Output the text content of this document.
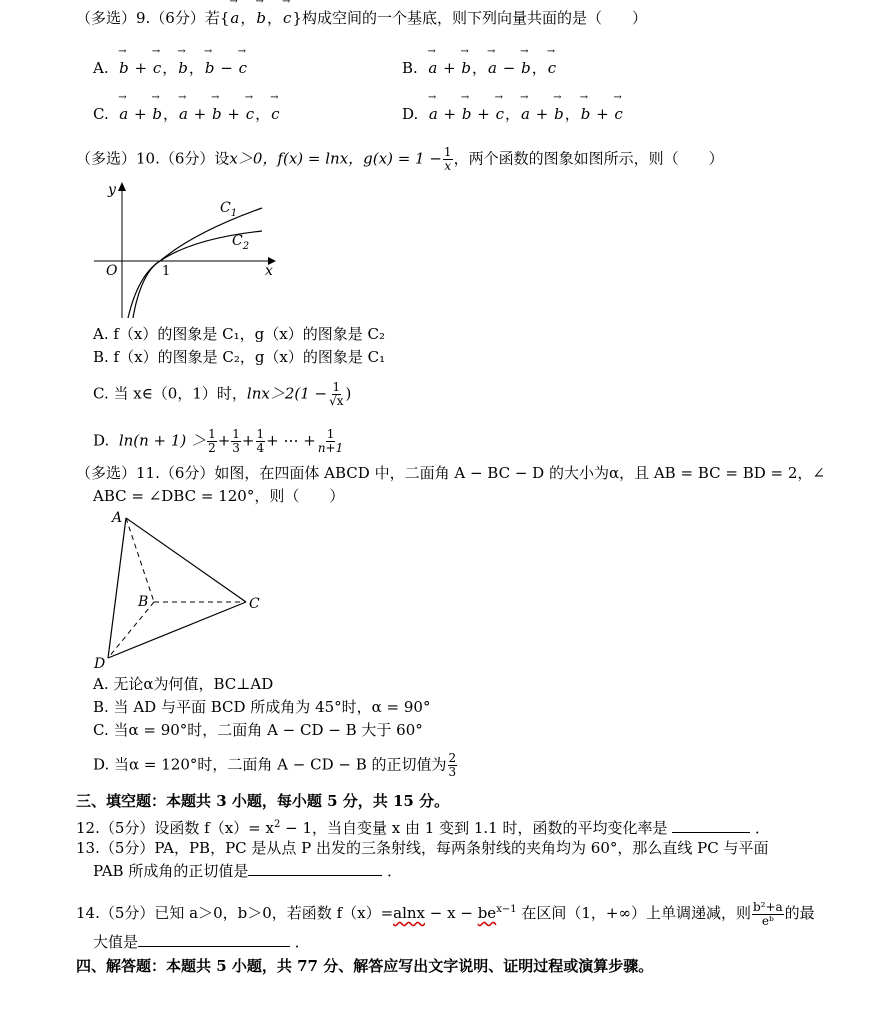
（多选）9.（6分）若{→ a，→ b，→ c}构成空间的一个基底，则下列向量共面的是（　　）
A. → b + → c，→ b，→ b − → c	B. → a + → b，→ a − → b，→ c
C. → a + → b，→ a + → b + → c，→ c	D. → a + → b + → c，→ a + → b，→ b + → c
（多选）10.（6分）设x＞0，f(x) = lnx，$g(x) = 1 - \frac{1}{x}$ ，两个函数的图象如图所示，则（　　）
y
x
O	1
$C_1$
$C_2$
A. f（x）的图象是 C₁，g（x）的图象是 C₂
B. f（x）的图象是 C₂，g（x）的图象是 C₁
C. 当 x∈（0，1）时，$\ln x>2(1 - \frac{1}{√x}$ )
D. $\ln(n + 1) > \frac{1}{2} + \frac{1}{3} + \frac{1}{4}$ + ⋯ + $\frac{1}{n+1}$
（多选）11.（6分）如图，在四面体 ABCD 中，二面角 A − BC − D 的大小为α，且 AB = BC = BD = 2，∠
ABC = ∠DBC = 120°，则（　　）
A
B	C
D
A. 无论α为何值，BC⊥AD
B. 当 AD 与平面 BCD 所成角为 45°时，α = 90°
C. 当α = 90°时，二面角 A − CD − B 大于 60°
D. 当α = 120°时，二面角 A − CD − B 的正切值为 $\frac{2}{3}$
三、填空题：本题共 3 小题，每小题 5 分，共 15 分。
12.（5分）设函数 $f(x)= x^2 - 1$，当自变量 x 由 1 变到 1.1 时，函数的平均变化率是	．
13.（5分）PA，PB，PC 是从点 P 出发的三条射线，每两条射线的夹角均为 60°，那么直线 PC 与平面
PAB 所成角的正切值是	．
14.（5分）已知 a＞0，b＞0，若函数 $f(x)=alnx - x - be^{x-1}$ 在区间（1，+∞）上单调递减，则 $\frac{\text{b²+a}}{\text{eᵇ}}$ 的最
大值是	．
四、解答题：本题共 5 小题，共 77 分、解答应写出文字说明、证明过程或演算步骤。
